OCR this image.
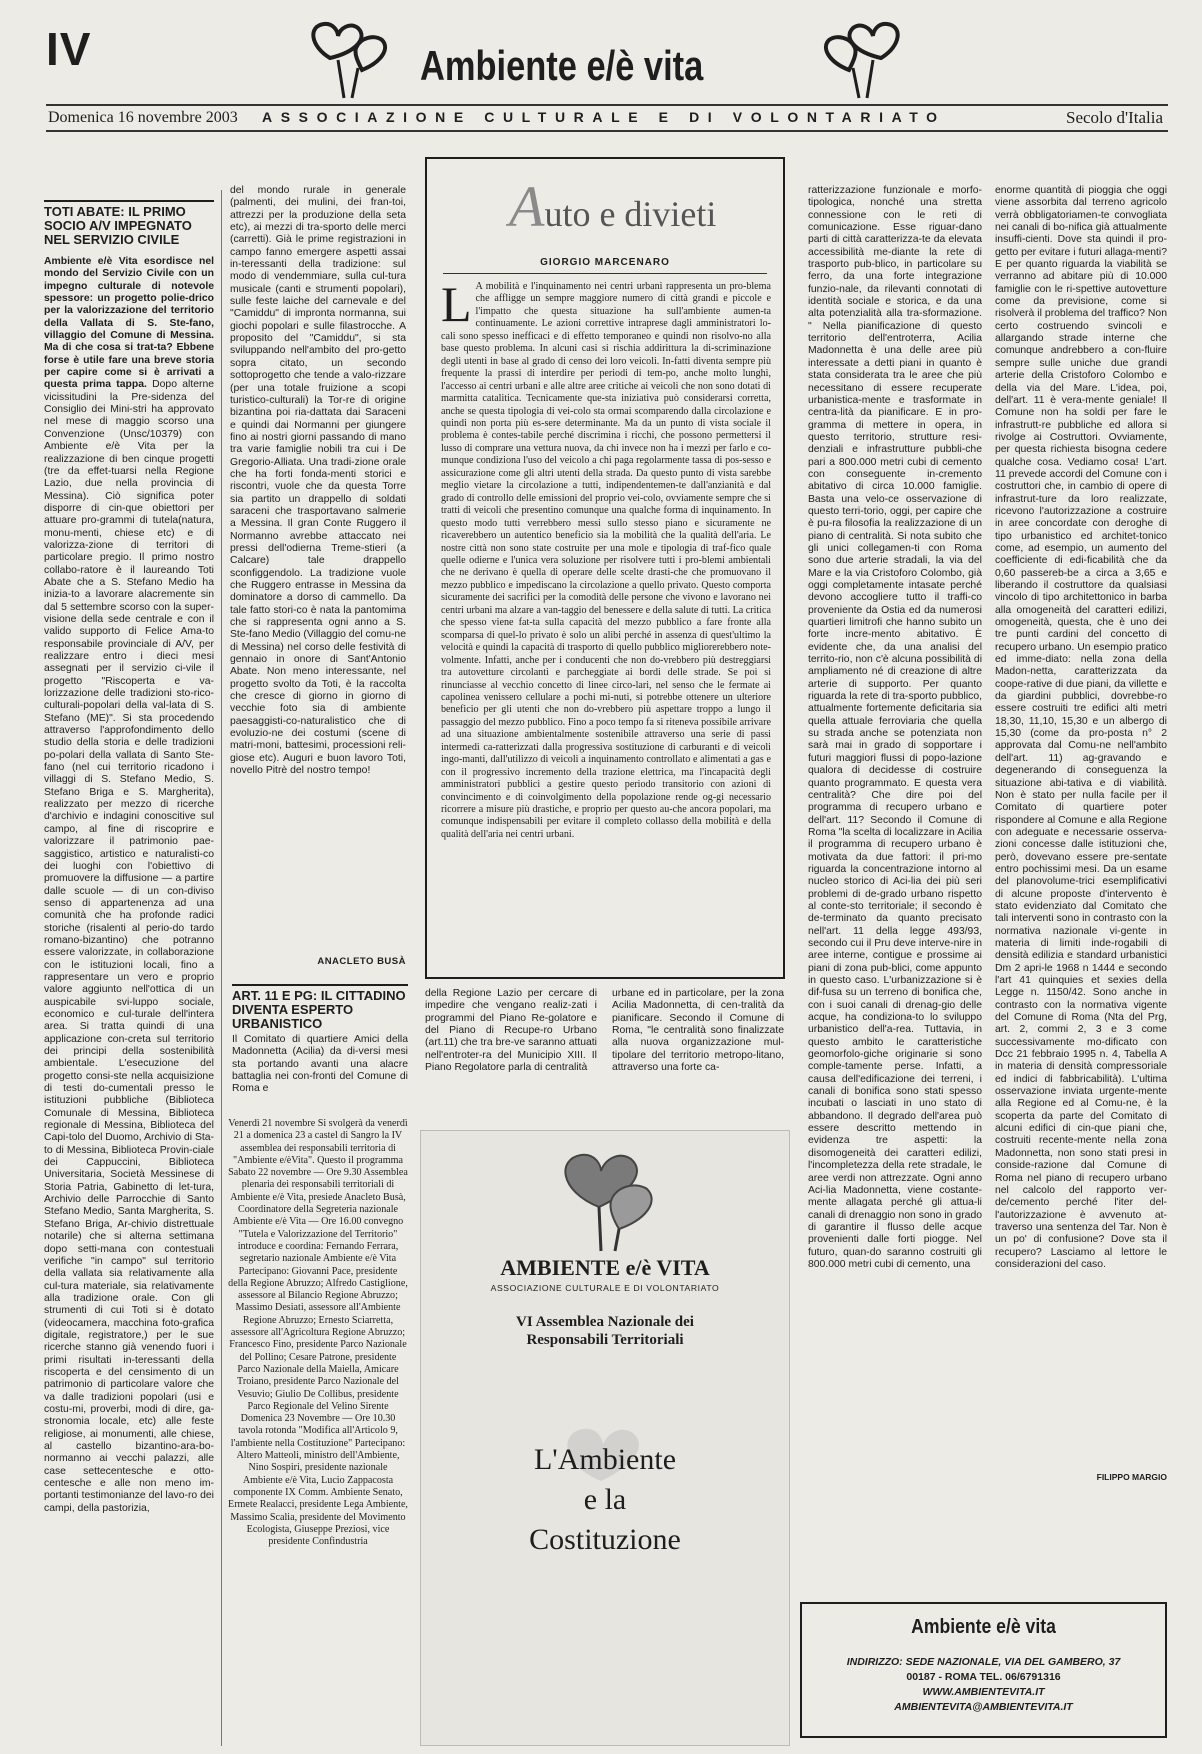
IV	Ambiente e/è vita
Domenica 16 novembre 2003 ASSOCIAZIONE CULTURALE E DI VOLONTARIATO	Secolo d'Italia
TOTI ABATE: IL PRIMO SOCIO A/V IMPEGNATO NEL SERVIZIO CIVILE
Ambiente e/è Vita esordisce nel mondo del Servizio Civile con un impegno culturale di notevole spessore: un progetto polie-drico per la valorizzazione del territorio della Vallata di S. Ste-fano, villaggio del Comune di Messina. Ma di che cosa si trat-ta? Ebbene forse è utile fare una breve storia per capire come si è arrivati a questa prima tappa. Dopo alterne vicissitudini la Pre-sidenza del Consiglio dei Mini-stri ha approvato nel mese di maggio scorso una Convenzione (Unsc/10379) con Ambiente e/è Vita per la realizzazione di ben cinque progetti (tre da effet-tuarsi nella Regione Lazio, due nella provincia di Messina). Ciò significa poter disporre di cin-que obiettori per attuare pro-grammi di tutela(natura, monu-menti, chiese etc) e di valorizza-zione di territori di particolare pregio. Il primo nostro collabo-ratore è il laureando Toti Abate che a S. Stefano Medio ha inizia-to a lavorare alacremente sin dal 5 settembre scorso con la super-visione della sede centrale e con il valido supporto di Felice Ama-to responsabile provinciale di A/V, per realizzare entro i dieci mesi assegnati per il servizio ci-vile il progetto "Riscoperta e va-lorizzazione delle tradizioni sto-rico-culturali-popolari della val-lata di S. Stefano (ME)". Si sta procedendo attraverso l'approfondimento dello studio della storia e delle tradizioni po-polari della vallata di Santo Ste-fano (nel cui territorio ricadono i villaggi di S. Stefano Medio, S. Stefano Briga e S. Margherita), realizzato per mezzo di ricerche d'archivio e indagini conoscitive sul campo, al fine di riscoprire e valorizzare il patrimonio pae-saggistico, artistico e naturalisti-co dei luoghi con l'obiettivo di promuovere la diffusione — a partire dalle scuole — di un con-diviso senso di appartenenza ad una comunità che ha profonde radici storiche (risalenti al perio-do tardo romano-bizantino) che potranno essere valorizzate, in collaborazione con le istituzioni locali, fino a rappresentare un vero e proprio valore aggiunto nell'ottica di un auspicabile svi-luppo sociale, economico e cul-turale dell'intera area. Si tratta quindi di una applicazione con-creta sul territorio dei principi della sostenibilità ambientale. L'esecuzione del progetto consi-ste nella acquisizione di testi do-cumentali presso le istituzioni pubbliche (Biblioteca Comunale di Messina, Biblioteca regionale di Messina, Biblioteca del Capi-tolo del Duomo, Archivio di Sta-to di Messina, Biblioteca Provin-ciale dei Cappuccini, Biblioteca Universitaria, Società Messinese di Storia Patria, Gabinetto di let-tura, Archivio delle Parrocchie di Santo Stefano Medio, Santa Margherita, S. Stefano Briga, Ar-chivio distrettuale notarile) che si alterna settimana dopo setti-mana con contestuali verifiche "in campo" sul territorio della vallata sia relativamente alla cul-tura materiale, sia relativamente alla tradizione orale. Con gli strumenti di cui Toti si è dotato (videocamera, macchina foto-grafica digitale, registratore,) per le sue ricerche stanno già venendo fuori i primi risultati in-teressanti della riscoperta e del censimento di un patrimonio di particolare valore che va dalle tradizioni popolari (usi e costu-mi, proverbi, modi di dire, ga-stronomia locale, etc) alle feste religiose, ai monumenti, alle chiese, al castello bizantino-ara-bo-normanno ai vecchi palazzi, alle case settecentesche e otto-centesche e alle non meno im-portanti testimonianze del lavo-ro dei campi, della pastorizia,
del mondo rurale in generale (palmenti, dei mulini, dei fran-toi, attrezzi per la produzione della seta etc), ai mezzi di tra-sporto delle merci (carretti). Già le prime registrazioni in campo fanno emergere aspetti assai in-teressanti della tradizione: sul modo di vendemmiare, sulla cul-tura musicale (canti e strumenti popolari), sulle feste laiche del carnevale e del "Camiddu" di impronta normanna, sui giochi popolari e sulle filastrocche. A proposito del "Camiddu", si sta sviluppando nell'ambito del pro-getto sopra citato, un secondo sottoprogetto che tende a valo-rizzare (per una totale fruizione a scopi turistico-culturali) la Tor-re di origine bizantina poi ria-dattata dai Saraceni e quindi dai Normanni per giungere fino ai nostri giorni passando di mano tra varie famiglie nobili tra cui i De Gregorio-Alliata. Una tradi-zione orale che ha forti fonda-menti storici e riscontri, vuole che da questa Torre sia partito un drappello di soldati saraceni che trasportavano salmerie a Messina. Il gran Conte Ruggero il Normanno avrebbe attaccato nei pressi dell'odierna Treme-stieri (a Calcare) tale drappello sconfiggendolo. La tradizione vuole che Ruggero entrasse in Messina da dominatore a dorso di cammello. Da tale fatto stori-co è nata la pantomima che si rappresenta ogni anno a S. Ste-fano Medio (Villaggio del comu-ne di Messina) nel corso delle festività di gennaio in onore di Sant'Antonio Abate. Non meno interessante, nel progetto svolto da Toti, è la raccolta che cresce di giorno in giorno di vecchie foto sia di ambiente paesaggisti-co-naturalistico che di evoluzio-ne dei costumi (scene di matri-moni, battesimi, processioni reli-giose etc). Auguri e buon lavoro Toti, novello Pitrè del nostro tempo!
ANACLETO BUSÀ
Auto e divieti
GIORGIO MARCENARO
L A mobilità e l'inquinamento nei centri urbani rappresenta un pro-blema che affligge un sempre maggiore numero di città grandi e piccole e l'impatto che questa situazione ha sull'ambiente aumen-ta continuamente. Le azioni correttive intraprese dagli amministratori lo-cali sono spesso inefficaci e di effetto temporaneo e quindi non risolvo-no alla base questo problema. In alcuni casi si rischia addirittura la di-scriminazione degli utenti in base al grado di censo dei loro veicoli. In-fatti diventa sempre più frequente la prassi di interdire per periodi di tem-po, anche molto lunghi, l'accesso ai centri urbani e alle altre aree critiche ai veicoli che non sono dotati di marmitta catalitica. Tecnicamente que-sta iniziativa può considerarsi corretta, anche se questa tipologia di vei-colo sta ormai scomparendo dalla circolazione e quindi non porta più es-sere determinante. Ma da un punto di vista sociale il problema è contes-tabile perché discrimina i ricchi, che possono permettersi il lusso di comprare una vettura nuova, da chi invece non ha i mezzi per farlo e co-munque condiziona l'uso del veicolo a chi paga regolarmente tassa di pos-sesso e assicurazione come gli altri utenti della strada. Da questo punto di vista sarebbe meglio vietare la circolazione a tutti, indipendentemen-te dall'anzianità e dal grado di controllo delle emissioni del proprio vei-colo, ovviamente sempre che si tratti di veicoli che presentino comunque una qualche forma di inquinamento. In questo modo tutti verrebbero messi sullo stesso piano e sicuramente ne ricaverebbero un autentico beneficio sia la mobilità che la qualità dell'aria. Le nostre città non sono state costruite per una mole e tipologia di traf-fico quale quelle odierne e l'unica vera soluzione per risolvere tutti i pro-blemi ambientali che ne derivano è quella di operare delle scelte drasti-che che promuovano il mezzo pubblico e impediscano la circolazione a quello privato. Questo comporta sicuramente dei sacrifici per la comodità delle persone che vivono e lavorano nei centri urbani ma alzare a van-taggio del benessere e della salute di tutti. La critica che spesso viene fat-ta sulla capacità del mezzo pubblico a fare fronte alla scomparsa di quel-lo privato è solo un alibi perché in assenza di quest'ultimo la velocità e quindi la capacità di trasporto di quello pubblico migliorerebbero note-volmente. Infatti, anche per i conducenti che non do-vrebbero più destreggiarsi tra autovetture circolanti e parcheggiate ai bordi delle strade. Se poi si rinunciasse al vecchio concetto di linee circo-lari, nel senso che le fermate ai capolinea venissero cellulare a pochi mi-nuti, si potrebbe ottenere un ulteriore beneficio per gli utenti che non do-vrebbero più aspettare troppo a lungo il passaggio del mezzo pubblico. Fino a poco tempo fa si riteneva possibile arrivare ad una situazione ambientalmente sostenibile attraverso una serie di passi intermedi ca-ratterizzati dalla progressiva sostituzione di carburanti e di veicoli ingo-manti, dall'utilizzo di veicoli a inquinamento controllato e alimentati a gas e con il progressivo incremento della trazione elettrica, ma l'incapacità degli amministratori pubblici a gestire questo periodo transitorio con azioni di convincimento e di coinvolgimento della popolazione rende og-gi necessario ricorrere a misure più drastiche, e proprio per questo au-che ancora popolari, ma comunque indispensabili per evitare il completo collasso della mobilità e della qualità dell'aria nei centri urbani.
ART. 11 E PG: IL CITTADINO DIVENTA ESPERTO URBANISTICO
Il Comitato di quartiere Amici della Madonnetta (Acilia) da di-versi mesi sta portando avanti una alacre battaglia nei con-fronti del Comune di Roma e
della Regione Lazio per cercare di impedire che vengano realiz-zati i programmi del Piano Re-golatore e del Piano di Recupe-ro Urbano (art.11) che tra bre-ve saranno attuati nell'entroter-ra del Municipio XIII. Il Piano Regolatore parla di centralità
urbane ed in particolare, per la zona Acilia Madonnetta, di cen-tralità da pianificare. Secondo il Comune di Roma, "le centralità sono finalizzate alla nuova organizzazione mul-tipolare del territorio metropo-litano, attraverso una forte ca-
ratterizzazione funzionale e morfo-tipologica, nonché una stretta connessione con le reti di comunicazione. Esse riguar-dano parti di città caratterizza-te da elevata accessibilità me-diante la rete di trasporto pub-blico, in particolare su ferro, da una forte integrazione funzio-nale, da rilevanti connotati di identità sociale e storica, e da una alta potenzialità alla tra-sformazione. " Nella pianificazione di questo territorio dell'entroterra, Acilia Madonnetta è una delle aree più interessate a detti piani in quanto è stata considerata tra le aree che più necessitano di essere recuperate urbanistica-mente e trasformate in centra-lità da pianificare. E in pro-gramma di mettere in opera, in questo territorio, strutture resi-denziali e infrastrutture pubbli-che pari a 800.000 metri cubi di cemento con conseguente in-cremento abitativo di circa 10.000 famiglie. Basta una velo-ce osservazione di questo terri-torio, oggi, per capire che è pu-ra filosofia la realizzazione di un piano di centralità. Si nota subito che gli unici collegamen-ti con Roma sono due arterie stradali, la via del Mare e la via Cristoforo Colombo, già oggi completamente intasate perché devono accogliere tutto il traffi-co proveniente da Ostia ed da numerosi quartieri limitrofi che hanno subito un forte incre-mento abitativo. È evidente che, da una analisi del territo-rio, non c'è alcuna possibilità di ampliamento né di creazione di altre arterie di supporto. Per quanto riguarda la rete di tra-sporto pubblico, attualmente fortemente deficitaria sia quella attuale ferroviaria che quella su strada anche se potenziata non sarà mai in grado di sopportare i futuri maggiori flussi di popo-lazione qualora di decidesse di costruire quanto programmato. E questa vera centralità? Che dire poi del programma di recupero urbano e dell'art. 11? Secondo il Comune di Roma "la scelta di localizzare in Acilia il programma di recupero urbano è motivata da due fattori: il pri-mo riguarda la concentrazione intorno al nucleo storico di Aci-lia dei più seri problemi di de-grado urbano rispetto al conte-sto territoriale; il secondo è de-terminato da quanto precisato nell'art. 11 della legge 493/93, secondo cui il Pru deve interve-nire in aree interne, contigue e prossime ai piani di zona pub-blici, come appunto in questo caso. L'urbanizzazione si è dif-fusa su un terreno di bonifica che, con i suoi canali di drenag-gio delle acque, ha condiziona-to lo sviluppo urbanistico dell'a-rea. Tuttavia, in questo ambito le caratteristiche geomorfolo-giche originarie si sono comple-tamente perse. Infatti, a causa dell'edificazione dei terreni, i canali di bonifica sono stati spesso incubati o lasciati in uno stato di abbandono. Il degrado dell'area può essere descritto mettendo in evidenza tre aspetti: la disomogeneità dei caratteri edilizi, l'incompletezza della rete stradale, le aree verdi non attrezzate. Ogni anno Aci-lia Madonnetta, viene costante-mente allagata perché gli attua-li canali di drenaggio non sono in grado di garantire il flusso delle acque provenienti dalle forti piogge. Nel futuro, quan-do saranno costruiti gli 800.000 metri cubi di cemento, una
enorme quantità di pioggia che oggi viene assorbita dal terreno agricolo verrà obbligatoriamen-te convogliata nei canali di bo-nifica già attualmente insuffi-cienti. Dove sta quindi il pro-getto per evitare i futuri allaga-menti? E per quanto riguarda la viabilità se verranno ad abitare più di 10.000 famiglie con le ri-spettive autovetture come da previsione, come si risolverà il problema del traffico? Non certo costruendo svincoli e allargando strade interne che comunque andrebbero a con-fluire sempre sulle uniche due grandi arterie della Cristoforo Colombo e della via del Mare. L'idea, poi, dell'art. 11 è vera-mente geniale! Il Comune non ha soldi per fare le infrastrutt-re pubbliche ed allora si rivolge ai Costruttori. Ovviamente, per questa richiesta bisogna cedere qualche cosa. Vediamo cosa! L'art. 11 prevede accordi del Comune con i costruttori che, in cambio di opere di infrastrut-ture da loro realizzate, ricevono l'autorizzazione a costruire in aree concordate con deroghe di tipo urbanistico ed architet-tonico come, ad esempio, un aumento del coefficiente di edi-ficabilità che da 0,60 passereb-be a circa a 3,65 e liberando il costruttore da qualsiasi vincolo di tipo architettonico in barba alla omogeneità del caratteri edilizi, omogeneità, questa, che è uno dei tre punti cardini del concetto di recupero urbano. Un esempio pratico ed imme-diato: nella zona della Madon-netta, caratterizzata da coope-rative di due piani, da villette e da giardini pubblici, dovrebbe-ro essere costruiti tre edifici alti metri 18,30, 11,10, 15,30 e un albergo di 15,30 (come da pro-posta n° 2 approvata dal Comu-ne nell'ambito dell'art. 11) ag-gravando e degenerando di conseguenza la situazione abi-tativa e di viabilità. Non è stato per nulla facile per il Comitato di quartiere poter rispondere al Comune e alla Regione con adeguate e necessarie osserva-zioni concesse dalle istituzioni che, però, dovevano essere pre-sentate entro pochissimi mesi. Da un esame del planovolume-trici esemplificativi di alcune proposte d'intervento è stato evidenziato dal Comitato che tali interventi sono in contrasto con la normativa nazionale vi-gente in materia di limiti inde-rogabili di densità edilizia e standard urbanistici Dm 2 apri-le 1968 n 1444 e secondo l'art 41 quinquies et sexies della Legge n. 1150/42. Sono anche in contrasto con la normativa vigente del Comune di Roma (Nta del Prg, art. 2, commi 2, 3 e 3 come successivamente mo-dificato con Dcc 21 febbraio 1995 n. 4, Tabella A in materia di densità compressoriale ed indici di fabbricabilità). L'ultima osservazione inviata urgente-mente alla Regione ed al Comu-ne, è la scoperta da parte del Comitato di alcuni edifici di cin-que piani che, costruiti recente-mente nella zona Madonnetta, non sono stati presi in conside-razione dal Comune di Roma nel piano di recupero urbano nel calcolo del rapporto ver-de/cemento perché l'iter del-l'autorizzazione è avvenuto at-traverso una sentenza del Tar. Non è un po' di confusione? Dove sta il recupero? Lasciamo al lettore le considerazioni del caso.
FILIPPO MARGIO
Venerdì 21 novembre Si svolgerà da venerdì 21 a domenica 23 a castel di Sangro la IV assemblea dei responsabili territoria di "Ambiente e/èVita". Questo il programma Sabato 22 novembre — Ore 9.30 Assemblea plenaria dei responsabili territoriali di Ambiente e/è Vita, presiede Anacleto Busà, Coordinatore della Segreteria nazionale Ambiente e/è Vita — Ore 16.00 convegno "Tutela e Valorizzazione del Territorio" introduce e coordina: Fernando Ferrara, segretario nazionale Ambiente e/è Vita Partecipano: Giovanni Pace, presidente della Regione Abruzzo; Alfredo Castiglione, assessore al Bilancio Regione Abruzzo; Massimo Desiati, assessore all'Ambiente Regione Abruzzo; Ernesto Sciarretta, assessore all'Agricoltura Regione Abruzzo; Francesco Fino, presidente Parco Nazionale del Pollino; Cesare Patrone, presidente Parco Nazionale della Maiella, Amicare Troiano, presidente Parco Nazionale del Vesuvio; Giulio De Collibus, presidente Parco Regionale del Velino Sirente Domenica 23 Novembre — Ore 10.30 tavola rotonda "Modifica all'Articolo 9, l'ambiente nella Costituzione" Partecipano: Altero Matteoli, ministro dell'Ambiente, Nino Sospiri, presidente nazionale Ambiente e/è Vita, Lucio Zappacosta componente IX Comm. Ambiente Senato, Ermete Realacci, presidente Lega Ambiente, Massimo Scalia, presidente del Movimento Ecologista, Giuseppe Preziosi, vice presidente Confindustria
AMBIENTE e/è VITA
ASSOCIAZIONE CULTURALE E DI VOLONTARIATO
VI Assemblea Nazionale dei Responsabili Territoriali
L'Ambiente
e la
Costituzione
Ambiente e/è vita
INDIRIZZO: SEDE NAZIONALE, VIA DEL GAMBERO, 37
00187 - ROMA TEL. 06/6791316
WWW.AMBIENTEVITA.IT
AMBIENTEVITA@AMBIENTEVITA.IT
